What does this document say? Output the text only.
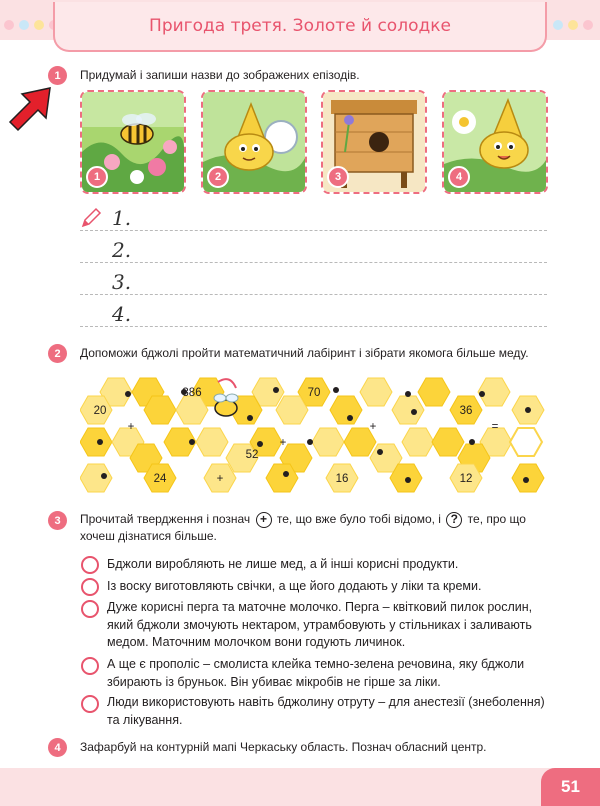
Пригода третя. Золоте й солодке
1	Придумай і запиши назви до зображених епізодів.
1	2	3	4
1.
2.
3.
4.
2	Допоможи бджолі пройти математичний лабіринт і зібрати якомога більше меду.
20
386	70
36
+
+
+	=
52
24	+	16	12
3	Прочитай твердження і познач + те, що вже було тобі відомо, і ? те, про що хочеш дізнатися більше.
Бджоли виробляють не лише мед, а й інші корисні продукти.
Із воску виготовляють свічки, а ще його додають у ліки та креми.
Дуже корисні перга та маточне молочко. Перга – квітковий пилок рослин, який бджоли змочують нектаром, утрамбовують у стільниках і заливають медом. Маточним молочком вони годують личинок.
А ще є прополіс – смолиста клейка темно-зелена речовина, яку бджоли збирають із бруньок. Він убиває мікробів не гірше за ліки.
Люди використовують навіть бджолину отруту – для анестезії (знеболення) та лікування.
4	Зафарбуй на контурній мапі Черкаську область. Познач обласний центр.
51
